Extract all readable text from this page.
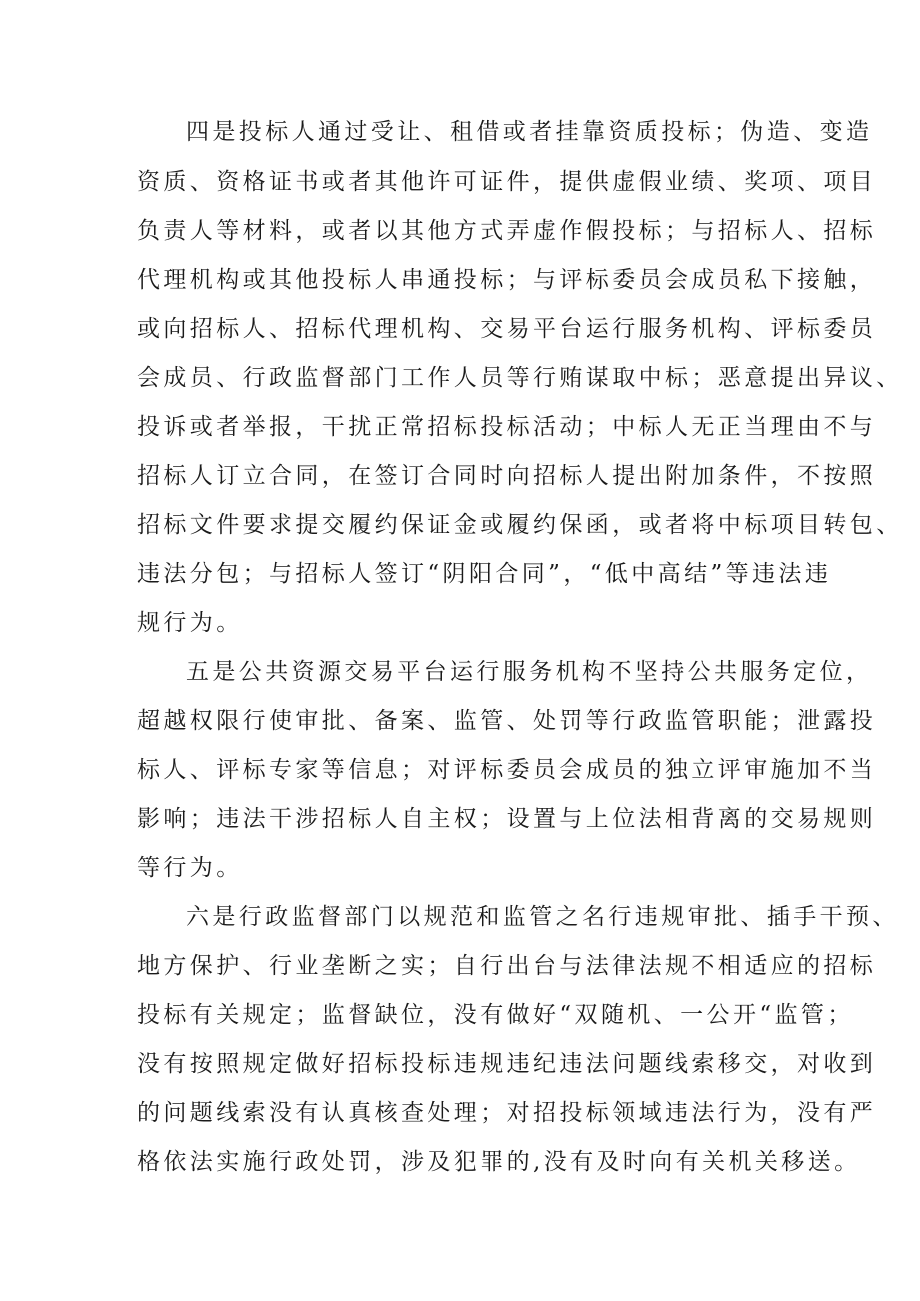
四是投标人通过受让、租借或者挂靠资质投标；伪造、变造

资质、资格证书或者其他许可证件，提供虚假业绩、奖项、项目

负责人等材料，或者以其他方式弄虚作假投标；与招标人、招标

代理机构或其他投标人串通投标；与评标委员会成员私下接触，

或向招标人、招标代理机构、交易平台运行服务机构、评标委员

会成员、行政监督部门工作人员等行贿谋取中标；恶意提出异议、

投诉或者举报，干扰正常招标投标活动；中标人无正当理由不与

招标人订立合同，在签订合同时向招标人提出附加条件，不按照

招标文件要求提交履约保证金或履约保函，或者将中标项目转包、

违法分包；与招标人签订“阴阳合同”，“低中高结”等违法违

规行为。

五是公共资源交易平台运行服务机构不坚持公共服务定位，

超越权限行使审批、备案、监管、处罚等行政监管职能；泄露投

标人、评标专家等信息；对评标委员会成员的独立评审施加不当

影响；违法干涉招标人自主权；设置与上位法相背离的交易规则

等行为。

六是行政监督部门以规范和监管之名行违规审批、插手干预、

地方保护、行业垄断之实；自行出台与法律法规不相适应的招标

投标有关规定；监督缺位，没有做好“双随机、一公开“监管；

没有按照规定做好招标投标违规违纪违法问题线索移交，对收到

的问题线索没有认真核查处理；对招投标领域违法行为，没有严

格依法实施行政处罚，涉及犯罪的,没有及时向有关机关移送。
